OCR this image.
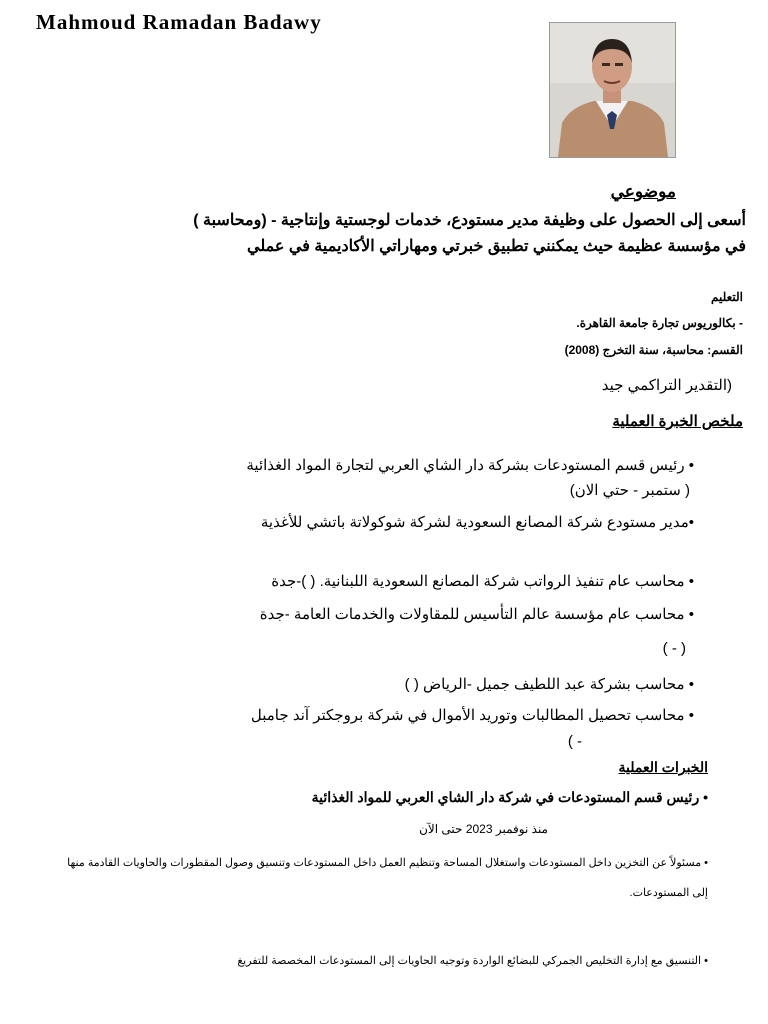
Mahmoud Ramadan Badawy
موضوعي
أسعى إلى الحصول على وظيفة مدير مستودع، خدمات لوجستية وإنتاجية - (ومحاسبة )
في مؤسسة عظيمة حيث يمكنني تطبيق خبرتي ومهاراتي الأكاديمية في عملي
التعليم
- بكالوريوس تجارة جامعة القاهرة.
القسم: محاسبة، سنة التخرج (2008)
(التقدير التراكمي جيد
ملخص الخبرة العملية
• رئيس قسم المستودعات بشركة دار الشاي العربي لتجارة المواد الغذائية
( ستمبر - حتي الان)
•مدير مستودع شركة المصانع السعودية لشركة شوكولاتة باتشي للأغذية
• محاسب عام تنفيذ الرواتب شركة المصانع السعودية اللبنانية. ( )-جدة
• محاسب عام مؤسسة عالم التأسيس للمقاولات والخدمات العامة -جدة
( - )
• محاسب بشركة عبد اللطيف جميل -الرياض ( )
• محاسب تحصيل المطالبات وتوريد الأموال في شركة بروجكتر آند جامبل
- )
الخبرات العملية
• رئيس قسم المستودعات في شركة دار الشاي العربي للمواد الغذائية
منذ نوفمبر 2023 حتى الآن
• مسئولاً عن التخزين داخل المستودعات واستغلال المساحة وتنظيم العمل داخل المستودعات وتنسيق وصول المقطورات والحاويات القادمة منها إلى المستودعات.
• التنسيق مع إدارة التخليص الجمركي للبضائع الواردة وتوجيه الحاويات إلى المستودعات المخصصة للتفريغ
